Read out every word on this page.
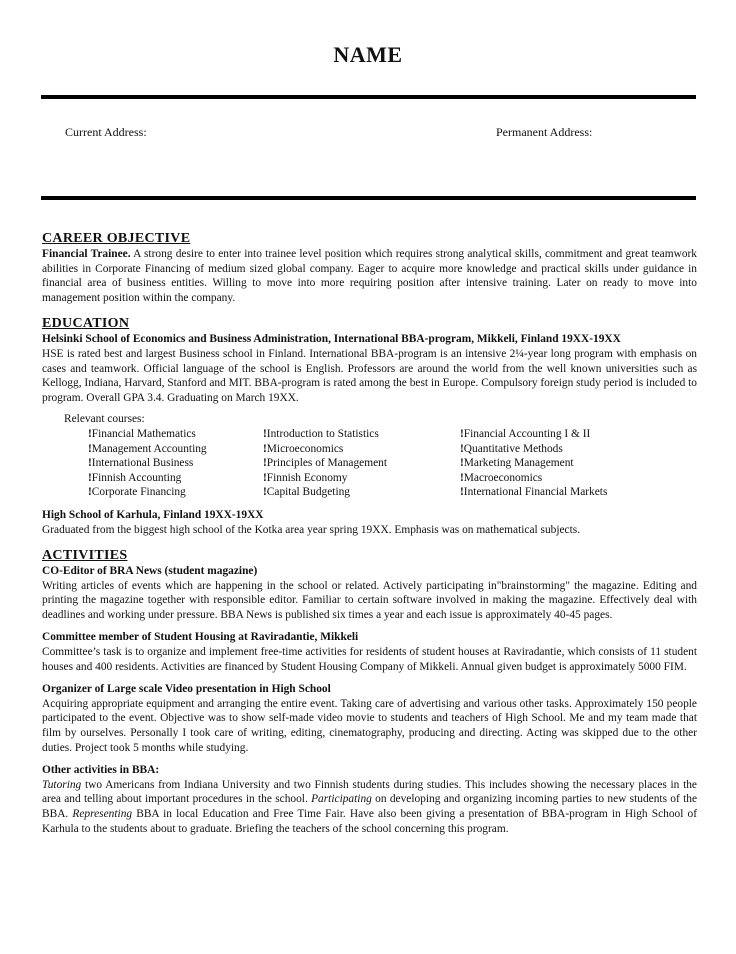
NAME
Current Address:	Permanent Address:
CAREER OBJECTIVE

Financial Trainee. A strong desire to enter into trainee level position which requires strong analytical skills, commitment and great teamwork abilities in Corporate Financing of medium sized global company. Eager to acquire more knowledge and practical skills under guidance in financial area of business entities. Willing to move into more requiring position after intensive training. Later on ready to move into management position within the company.

EDUCATION

Helsinki School of Economics and Business Administration, International BBA-program, Mikkeli, Finland 19XX-19XX

HSE is rated best and largest Business school in Finland. International BBA-program is an intensive 2¼-year long program with emphasis on cases and teamwork. Official language of the school is English. Professors are around the world from the well known universities such as Kellogg, Indiana, Harvard, Stanford and MIT. BBA-program is rated among the best in Europe. Compulsory foreign study period is included to program. Overall GPA 3.4. Graduating on March 19XX.

Relevant courses:
!Financial Mathematics
!Management Accounting
!International Business
!Finnish Accounting
!Corporate Financing
!Introduction to Statistics
!Microeconomics
!Principles of Management
!Finnish Economy
!Capital Budgeting
!Financial Accounting I & II
!Quantitative Methods
!Marketing Management
!Macroeconomics
!International Financial Markets

High School of Karhula, Finland 19XX-19XX

Graduated from the biggest high school of the Kotka area year spring 19XX. Emphasis was on mathematical subjects.

ACTIVITIES

CO-Editor of BRA News (student magazine)

Writing articles of events which are happening in the school or related. Actively participating in"brainstorming" the magazine. Editing and printing the magazine together with responsible editor. Familiar to certain software involved in making the magazine. Effectively deal with deadlines and working under pressure. BBA News is published six times a year and each issue is approximately 40-45 pages.

Committee member of Student Housing at Raviradantie, Mikkeli

Committee’s task is to organize and implement free-time activities for residents of student houses at Raviradantie, which consists of 11 student houses and 400 residents. Activities are financed by Student Housing Company of Mikkeli. Annual given budget is approximately 5000 FIM.

Organizer of Large scale Video presentation in High School

Acquiring appropriate equipment and arranging the entire event. Taking care of advertising and various other tasks. Approximately 150 people participated to the event. Objective was to show self-made video movie to students and teachers of High School. Me and my team made that film by ourselves. Personally I took care of writing, editing, cinematography, producing and directing. Acting was skipped due to the other duties. Project took 5 months while studying.

Other activities in BBA:

Tutoring two Americans from Indiana University and two Finnish students during studies. This includes showing the necessary places in the area and telling about important procedures in the school. Participating on developing and organizing incoming parties to new students of the BBA. Representing BBA in local Education and Free Time Fair. Have also been giving a presentation of BBA-program in High School of Karhula to the students about to graduate. Briefing the teachers of the school concerning this program.
